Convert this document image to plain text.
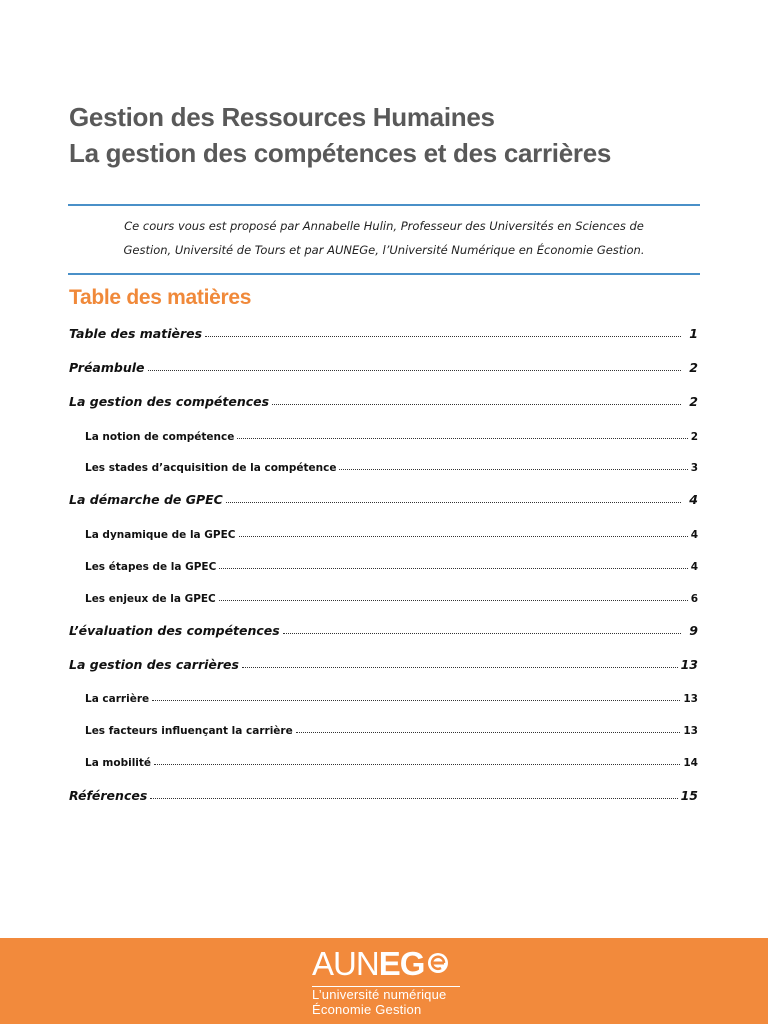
Gestion des Ressources Humaines
La gestion des compétences et des carrières
Ce cours vous est proposé par Annabelle Hulin, Professeur des Universités en Sciences de
Gestion, Université de Tours et par AUNEGe, l’Université Numérique en Économie Gestion.
Table des matières
Table des matières	1
Préambule	2
La gestion des compétences	2
La notion de compétence	2
Les stades d’acquisition de la compétence	3
La démarche de GPEC	4
La dynamique de la GPEC	4
Les étapes de la GPEC	4
Les enjeux de la GPEC	6
L’évaluation des compétences	9
La gestion des carrières	13
La carrière	13
Les facteurs influençant la carrière	13
La mobilité	14
Références	15
AUN EG
L’université numérique
Économie Gestion
